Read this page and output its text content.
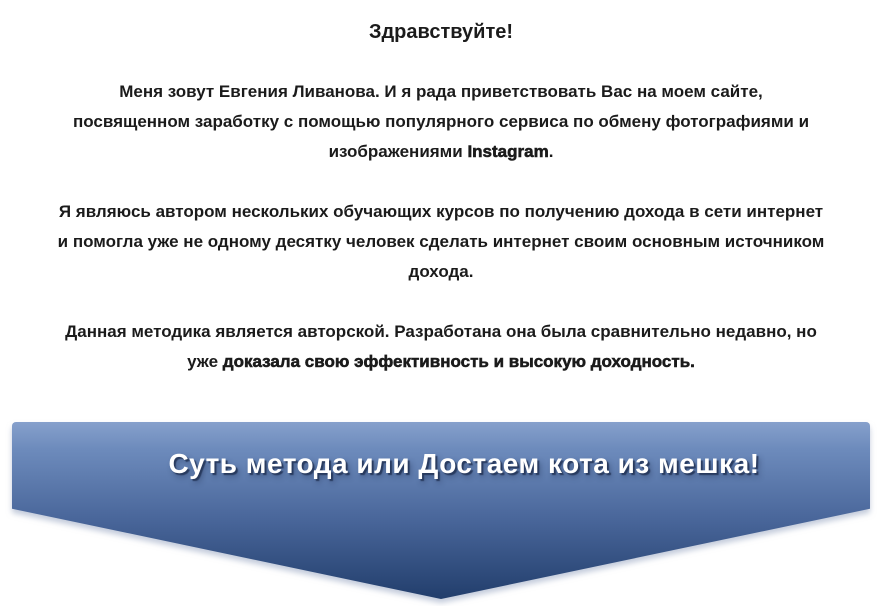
Здравствуйте!
Меня зовут Евгения Ливанова. И я рада приветствовать Вас на моем сайте,
посвященном заработку с помощью популярного сервиса по обмену фотографиями и
изображениями Instagram.
Я являюсь автором нескольких обучающих курсов по получению дохода в сети интернет
и помогла уже не одному десятку человек сделать интернет своим основным источником
дохода.
Данная методика является авторской. Разработана она была сравнительно недавно, но
уже доказала свою эффективность и высокую доходность.
Суть метода или Достаем кота из мешка!
